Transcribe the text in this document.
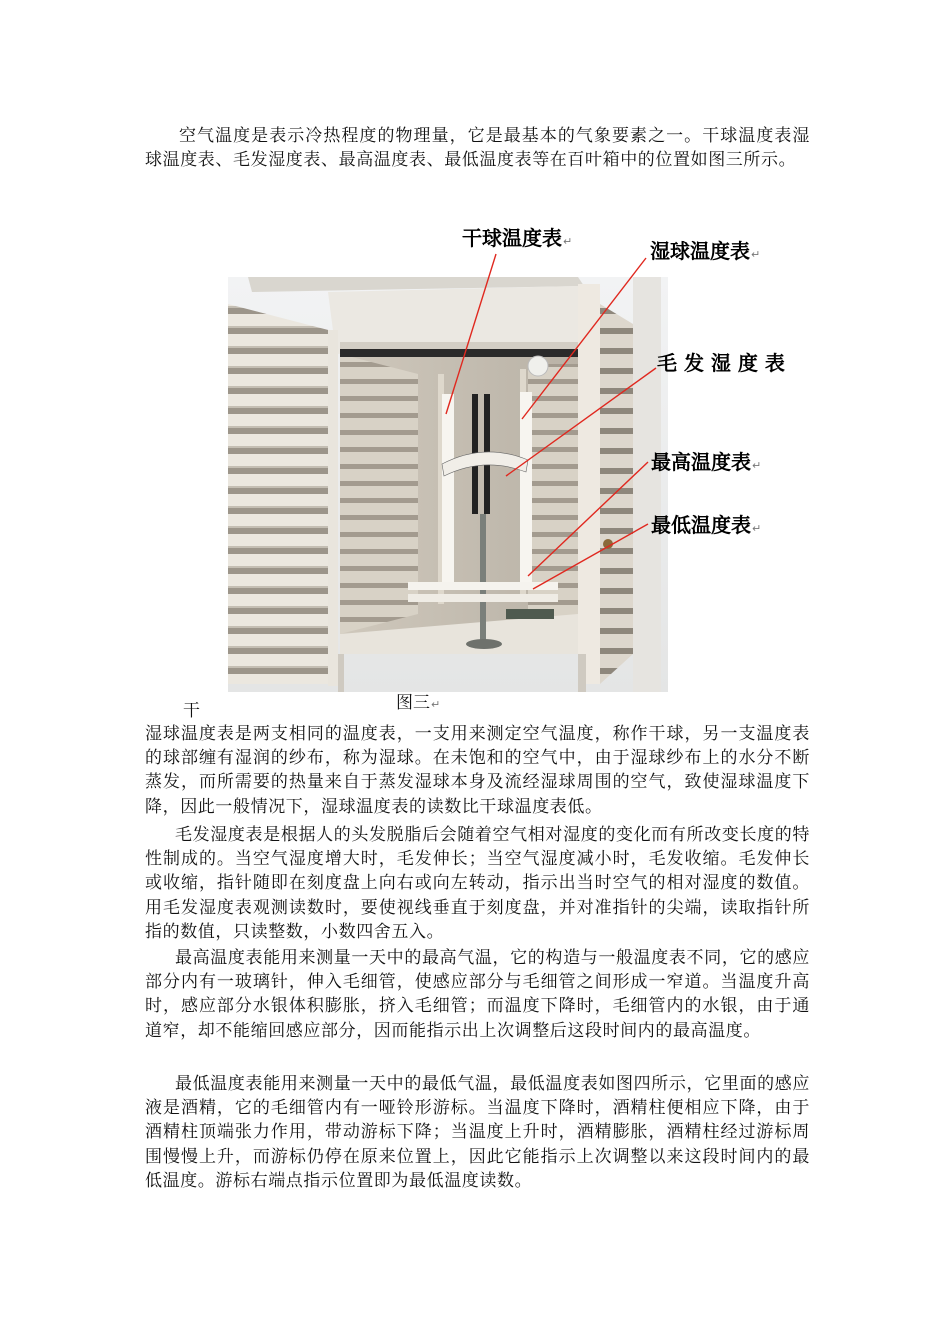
空气温度是表示冷热程度的物理量，它是最基本的气象要素之一。干球温度表湿球温度表、毛发湿度表、最高温度表、最低温度表等在百叶箱中的位置如图三所示。

干球温度表↵	湿球温度表↵
毛 发 湿 度 表
最高温度表↵
最低温度表↵
图三↵
干

湿球温度表是两支相同的温度表，一支用来测定空气温度，称作干球，另一支温度表的球部缠有湿润的纱布，称为湿球。在未饱和的空气中，由于湿球纱布上的水分不断蒸发，而所需要的热量来自于蒸发湿球本身及流经湿球周围的空气，致使湿球温度下降，因此一般情况下，湿球温度表的读数比干球温度表低。

毛发湿度表是根据人的头发脱脂后会随着空气相对湿度的变化而有所改变长度的特性制成的。当空气湿度增大时，毛发伸长；当空气湿度减小时，毛发收缩。毛发伸长或收缩，指针随即在刻度盘上向右或向左转动，指示出当时空气的相对湿度的数值。用毛发湿度表观测读数时，要使视线垂直于刻度盘，并对准指针的尖端，读取指针所指的数值，只读整数，小数四舍五入。

最高温度表能用来测量一天中的最高气温，它的构造与一般温度表不同，它的感应部分内有一玻璃针，伸入毛细管，使感应部分与毛细管之间形成一窄道。当温度升高时，感应部分水银体积膨胀，挤入毛细管；而温度下降时，毛细管内的水银，由于通道窄，却不能缩回感应部分，因而能指示出上次调整后这段时间内的最高温度。

最低温度表能用来测量一天中的最低气温，最低温度表如图四所示，它里面的感应液是酒精，它的毛细管内有一哑铃形游标。当温度下降时，酒精柱便相应下降，由于酒精柱顶端张力作用，带动游标下降；当温度上升时，酒精膨胀，酒精柱经过游标周围慢慢上升，而游标仍停在原来位置上，因此它能指示上次调整以来这段时间内的最低温度。游标右端点指示位置即为最低温度读数。
